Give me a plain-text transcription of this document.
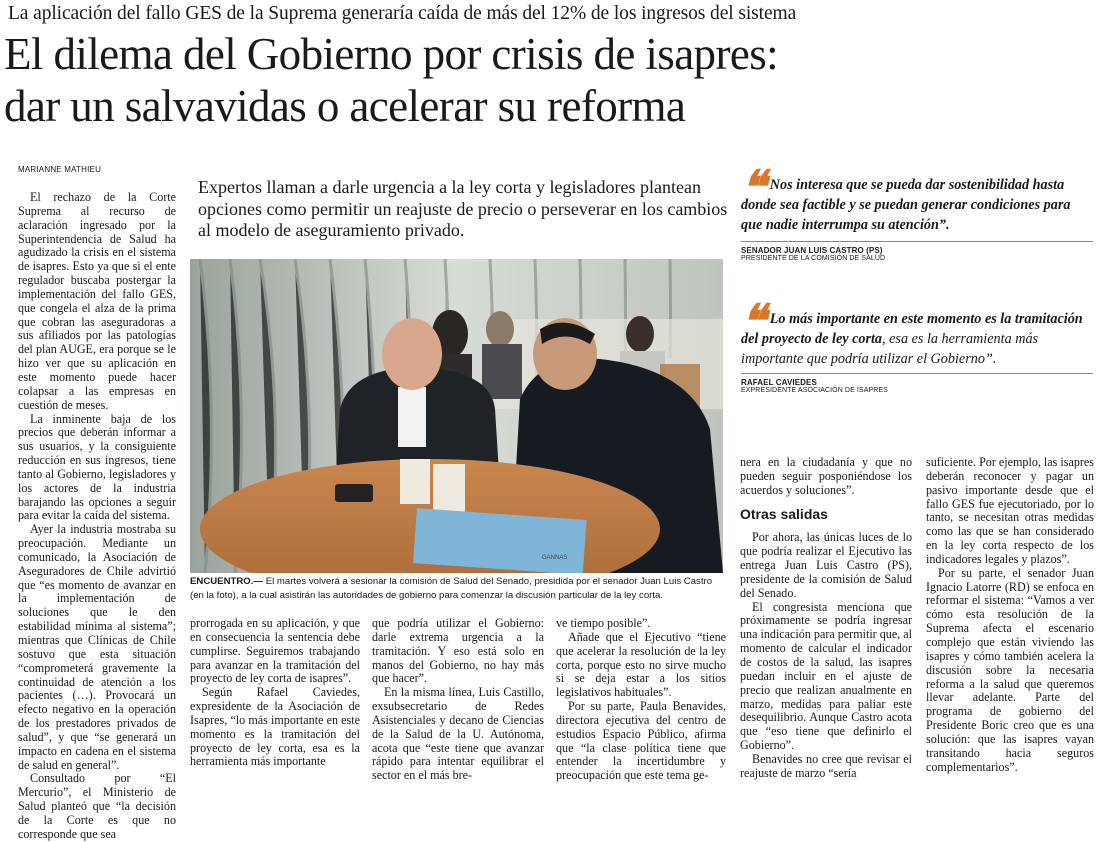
La aplicación del fallo GES de la Suprema generaría caída de más del 12% de los ingresos del sistema
El dilema del Gobierno por crisis de isapres:
dar un salvavidas o acelerar su reforma
MARIANNE MATHIEU

El rechazo de la Corte Suprema al recurso de aclaración ingresado por la Superintendencia de Salud ha agudizado la crisis en el sistema de isapres. Esto ya que si el ente regulador buscaba postergar la implementación del fallo GES, que congela el alza de la prima que cobran las aseguradoras a sus afiliados por las patologías del plan AUGE, era porque se le hizo ver que su aplicación en este momento puede hacer colapsar a las empresas en cuestión de meses.

La inminente baja de los precios que deberán informar a sus usuarios, y la consiguiente reducción en sus ingresos, tiene tanto al Gobierno, legisladores y los actores de la industria barajando las opciones a seguir para evitar la caída del sistema.

Ayer la industria mostraba su preocupación. Mediante un comunicado, la Asociación de Aseguradores de Chile advirtió que “es momento de avanzar en la implementación de soluciones que le den estabilidad mínima al sistema”; mientras que Clínicas de Chile sostuvo que esta situación “comprometerá gravemente la continuidad de atención a los pacientes (…). Provocará un efecto negativo en la operación de los prestadores privados de salud”, y que “se generará un impacto en cadena en el sistema de salud en general”.

Consultado por “El Mercurio”, el Ministerio de Salud planteó que “la decisión de la Corte es que no corresponde que sea

Expertos llaman a darle urgencia a la ley corta y legisladores plantean opciones como permitir un reajuste de precio o perseverar en los cambios al modelo de aseguramiento privado.
GANNAS
ENCUENTRO.— El martes volverá a sesionar la comisión de Salud del Senado, presidida por el senador Juan Luis Castro (en la foto), a la cual asistirán las autoridades de gobierno para comenzar la discusión particular de la ley corta.

prorrogada en su aplicación, y que en consecuencia la sentencia debe cumplirse. Seguiremos trabajando para avanzar en la tramitación del proyecto de ley corta de isapres”.

Según Rafael Caviedes, expresidente de la Asociación de Isapres, “lo más importante en este momento es la tramitación del proyecto de ley corta, esa es la herramienta más importante

que podría utilizar el Gobierno: darle extrema urgencia a la tramitación. Y eso está solo en manos del Gobierno, no hay más que hacer”.

En la misma línea, Luis Castillo, exsubsecretario de Redes Asistenciales y decano de Ciencias de la Salud de la U. Autónoma, acota que “este tiene que avanzar rápido para intentar equilibrar el sector en el más bre-

ve tiempo posible”.

Añade que el Ejecutivo “tiene que acelerar la resolución de la ley corta, porque esto no sirve mucho si se deja estar a los sitios legislativos habituales”.

Por su parte, Paula Benavides, directora ejecutiva del centro de estudios Espacio Público, afirma que “la clase política tiene que entender la incertidumbre y preocupación que este tema ge-

nera en la ciudadanía y que no pueden seguir posponiéndose los acuerdos y soluciones”.

Otras salidas

Por ahora, las únicas luces de lo que podría realizar el Ejecutivo las entrega Juan Luis Castro (PS), presidente de la comisión de Salud del Senado.

El congresista menciona que próximamente se podría ingresar una indicación para permitir que, al momento de calcular el indicador de costos de la salud, las isapres puedan incluir en el ajuste de precio que realizan anualmente en marzo, medidas para paliar este desequilibrio. Aunque Castro acota que “eso tiene que definirlo el Gobierno”.

Benavides no cree que revisar el reajuste de marzo “sería

suficiente. Por ejemplo, las isapres deberán reconocer y pagar un pasivo importante desde que el fallo GES fue ejecutoriado, por lo tanto, se necesitan otras medidas como las que se han considerado en la ley corta respecto de los indicadores legales y plazos”.

Por su parte, el senador Juan Ignacio Latorre (RD) se enfoca en reformar el sistema: “Vamos a ver cómo esta resolución de la Suprema afecta el escenario complejo que están viviendo las isapres y cómo también acelera la discusión sobre la necesaria reforma a la salud que queremos llevar adelante. Parte del programa de gobierno del Presidente Boric creo que es una solución: que las isapres vayan transitando hacia seguros complementarios”.

❝ Nos interesa que se pueda dar sostenibilidad hasta donde sea factible y se puedan generar condiciones para que nadie interrumpa su atención”.
SENADOR JUAN LUIS CASTRO (PS)
PRESIDENTE DE LA COMISIÓN DE SALUD
❝ Lo más importante en este momento es la tramitación del proyecto de ley corta, esa es la herramienta más importante que podría utilizar el Gobierno”.
RAFAEL CAVIEDES
EXPRESIDENTE ASOCIACIÓN DE ISAPRES
